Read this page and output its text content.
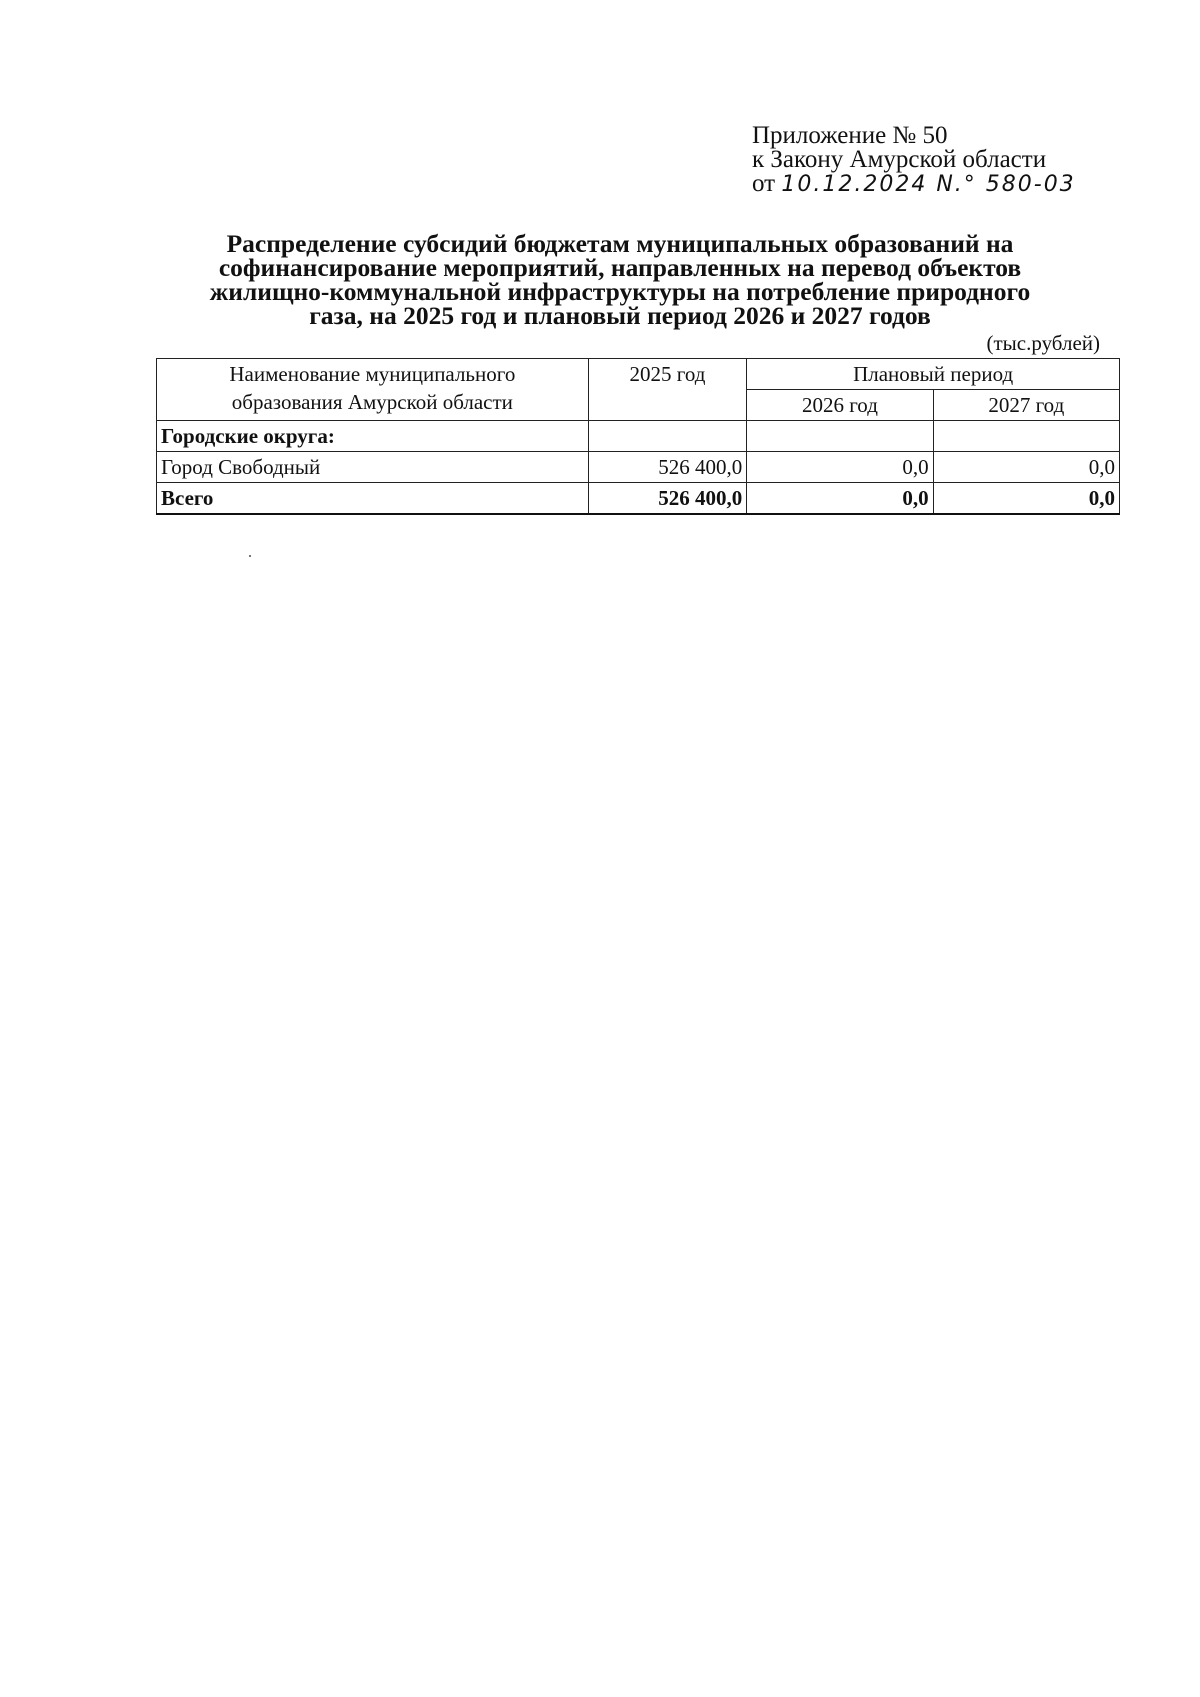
Приложение № 50
к Закону Амурской области
от 10.12.2024 N.° 580-03
Распределение субсидий бюджетам муниципальных образований на
софинансирование мероприятий, направленных на перевод объектов
жилищно-коммунальной инфраструктуры на потребление природного
газа, на 2025 год и плановый период 2026 и 2027 годов
(тыс.рублей)
Наименование муниципального
образования Амурской области	2025 год	Плановый период	
		2026 год	2027 год
Городские округа:			
Город Свободный	526 400,0	0,0	0,0
Всего	526 400,0	0,0	0,0
